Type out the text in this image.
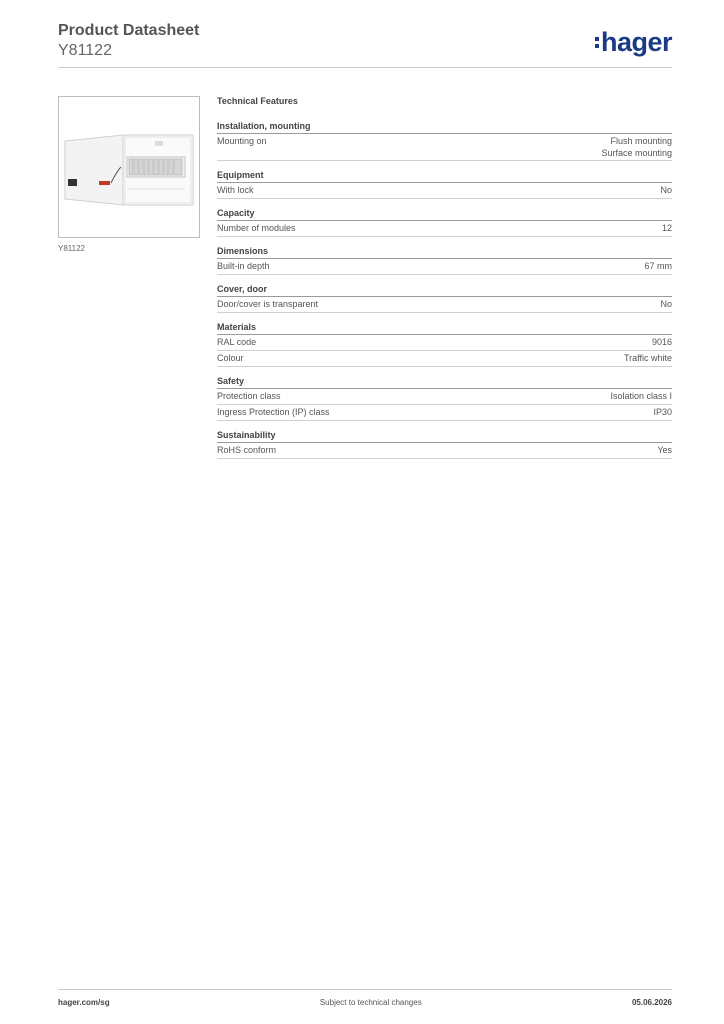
Product Datasheet
Y81122	hager
Y81122
Technical Features
Installation, mounting
Mounting on	Flush mounting
Surface mounting
Equipment
With lock	No
Capacity
Number of modules	12
Dimensions
Built-in depth	67 mm
Cover, door
Door/cover is transparent	No
Materials
RAL code	9016
Colour	Traffic white
Safety
Protection class	Isolation class I
Ingress Protection (IP) class	IP30
Sustainability
RoHS conform	Yes
hager.com/sg	Subject to technical changes	05.06.2026
